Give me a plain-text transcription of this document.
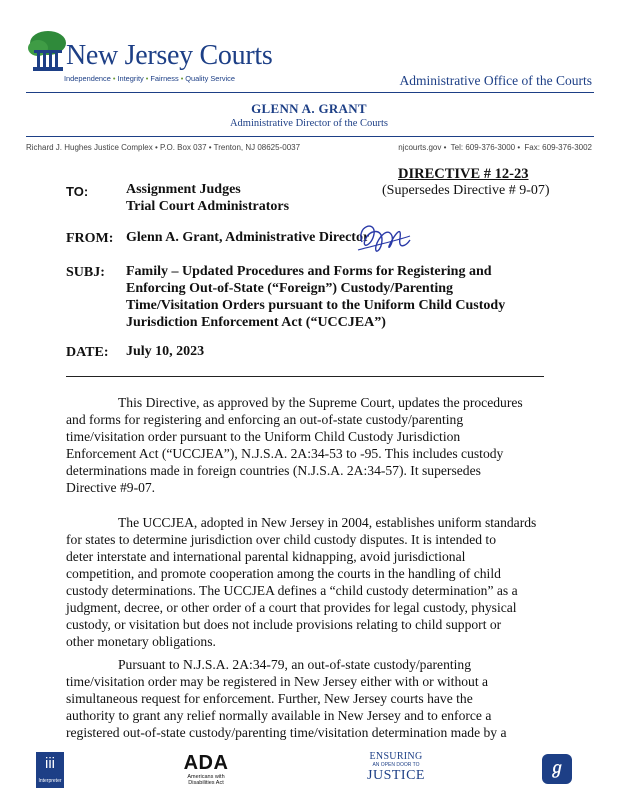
New Jersey Courts
Independence • Integrity • Fairness • Quality Service	Administrative Office of the Courts
GLENN A. GRANT
Administrative Director of the Courts
Richard J. Hughes Justice Complex • P.O. Box 037 • Trenton, NJ 08625-0037	njcourts.gov • Tel: 609-376-3000 • Fax: 609-376-3002
DIRECTIVE # 12-23
(Supersedes Directive # 9-07)
TO:	Assignment Judges
Trial Court Administrators
FROM: Glenn A. Grant, Administrative Director
SUBJ: Family – Updated Procedures and Forms for Registering and
Enforcing Out-of-State (“Foreign”) Custody/Parenting
Time/Visitation Orders pursuant to the Uniform Child Custody
Jurisdiction Enforcement Act (“UCCJEA”)
DATE: July 10, 2023
This Directive, as approved by the Supreme Court, updates the procedures
and forms for registering and enforcing an out-of-state custody/parenting
time/visitation order pursuant to the Uniform Child Custody Jurisdiction
Enforcement Act (“UCCJEA”), N.J.S.A. 2A:34-53 to -95. This includes custody
determinations made in foreign countries (N.J.S.A. 2A:34-57). It supersedes
Directive #9-07.
The UCCJEA, adopted in New Jersey in 2004, establishes uniform standards
for states to determine jurisdiction over child custody disputes. It is intended to
deter interstate and international parental kidnapping, avoid jurisdictional
competition, and promote cooperation among the courts in the handling of child
custody determinations. The UCCJEA defines a “child custody determination” as a
judgment, decree, or other order of a court that provides for legal custody, physical
custody, or visitation but does not include provisions relating to child support or
other monetary obligations.
Pursuant to N.J.S.A. 2A:34-79, an out-of-state custody/parenting
time/visitation order may be registered in New Jersey either with or without a
simultaneous request for enforcement. Further, New Jersey courts have the
authority to grant any relief normally available in New Jersey and to enforce a
registered out-of-state custody/parenting time/visitation determination made by a
iii
Interpreter
ADA
Americans with
Disabilities Act
ENSURING
AN OPEN DOOR TO
JUSTICE	ℊ
